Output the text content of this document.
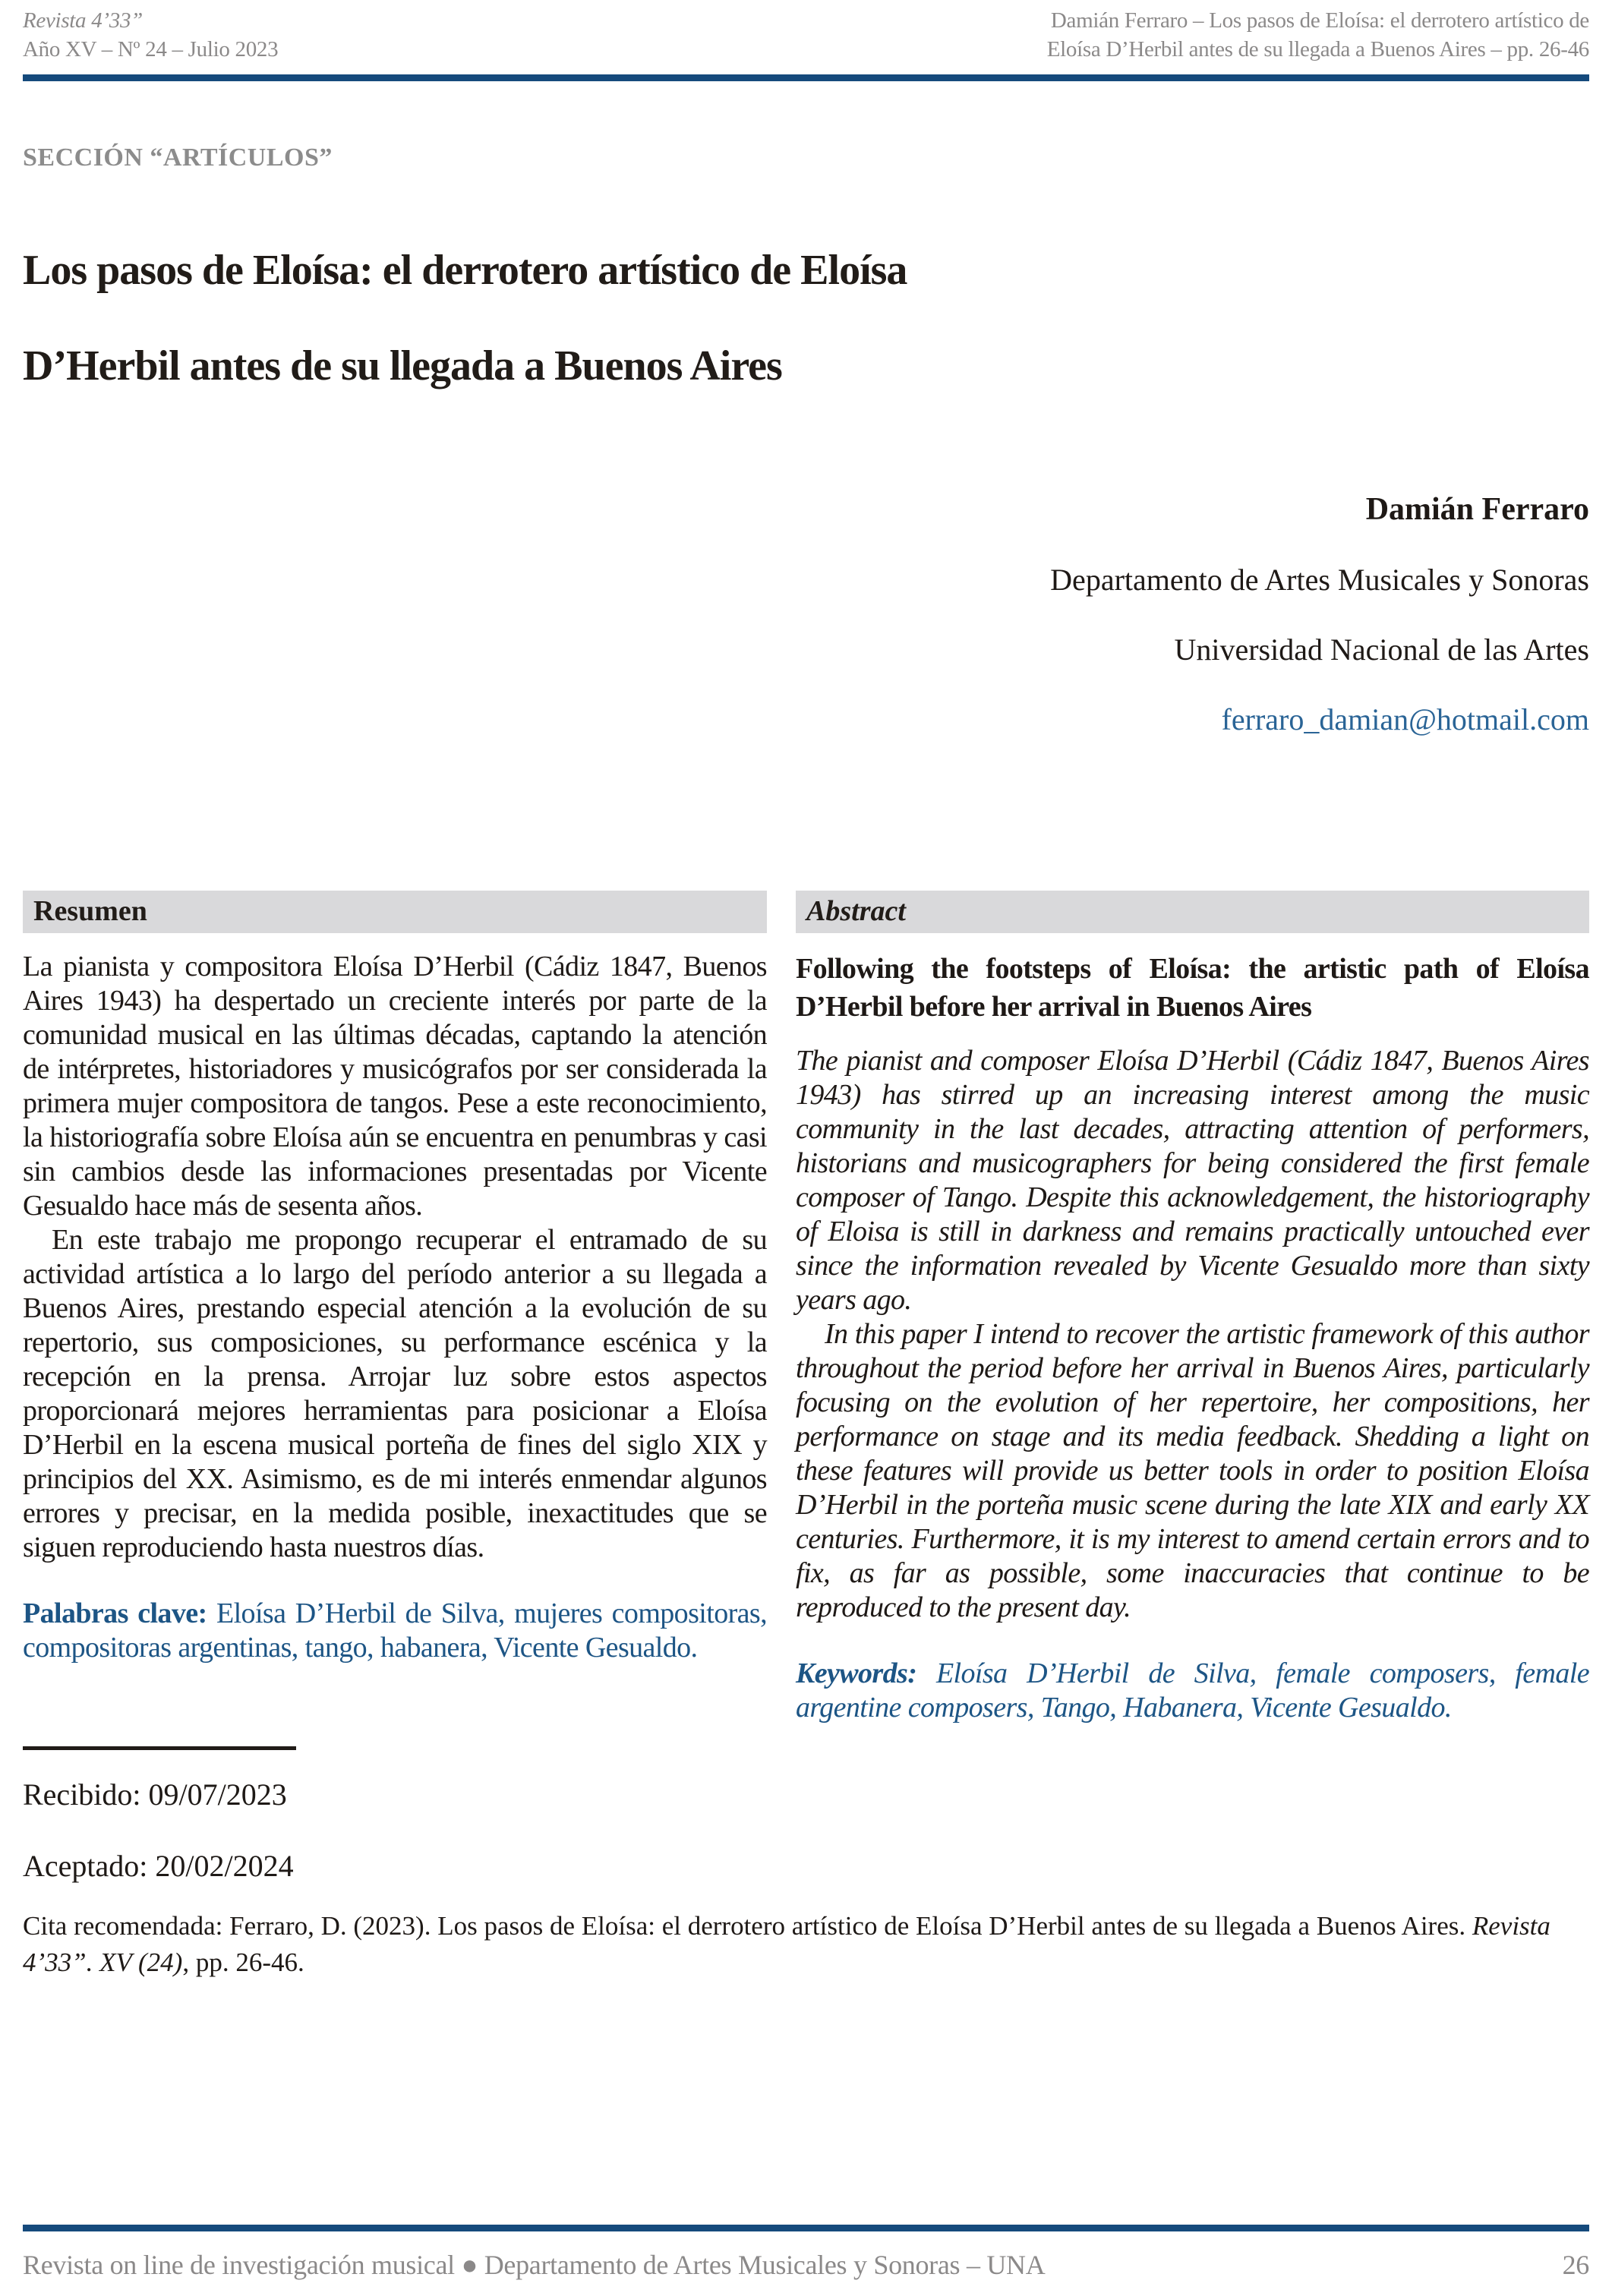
Revista 4’33”
Año XV – Nº 24 – Julio 2023
Damián Ferraro – Los pasos de Eloísa: el derrotero artístico de
Eloísa D’Herbil antes de su llegada a Buenos Aires – pp. 26-46
SECCIÓN “ARTÍCULOS”
Los pasos de Eloísa: el derrotero artístico de Eloísa
D’Herbil antes de su llegada a Buenos Aires
Damián Ferraro
Departamento de Artes Musicales y Sonoras
Universidad Nacional de las Artes
ferraro_damian@hotmail.com
Resumen

La pianista y compositora Eloísa D’Herbil (Cádiz 1847, Buenos Aires 1943) ha despertado un creciente interés por parte de la comunidad musical en las últimas décadas, captando la atención de intérpretes, historiadores y musicógrafos por ser considerada la primera mujer compositora de tangos. Pese a este reconocimiento, la historiografía sobre Eloísa aún se encuentra en penumbras y casi sin cambios desde las informaciones presentadas por Vicente Gesualdo hace más de sesenta años.

En este trabajo me propongo recuperar el entramado de su actividad artística a lo largo del período anterior a su llegada a Buenos Aires, prestando especial atención a la evolución de su repertorio, sus composiciones, su performance escénica y la recepción en la prensa. Arrojar luz sobre estos aspectos proporcionará mejores herramientas para posicionar a Eloísa D’Herbil en la escena musical porteña de fines del siglo XIX y principios del XX. Asimismo, es de mi interés enmendar algunos errores y precisar, en la medida posible, inexactitudes que se siguen reproduciendo hasta nuestros días.

Palabras clave: Eloísa D’Herbil de Silva, mujeres compositoras, compositoras argentinas, tango, habanera, Vicente Gesualdo.

Abstract

Following the footsteps of Eloísa: the artistic path of Eloísa D’Herbil before her arrival in Buenos Aires

The pianist and composer Eloísa D’Herbil (Cádiz 1847, Buenos Aires 1943) has stirred up an increasing interest among the music community in the last decades, attracting attention of performers, historians and musicographers for being considered the first female composer of Tango. Despite this acknowledgement, the historiography of Eloisa is still in darkness and remains practically untouched ever since the information revealed by Vicente Gesualdo more than sixty years ago.

In this paper I intend to recover the artistic framework of this author throughout the period before her arrival in Buenos Aires, particularly focusing on the evolution of her repertoire, her compositions, her performance on stage and its media feedback. Shedding a light on these features will provide us better tools in order to position Eloísa D’Herbil in the porteña music scene during the late XIX and early XX centuries. Furthermore, it is my interest to amend certain errors and to fix, as far as possible, some inaccuracies that continue to be reproduced to the present day.

Keywords: Eloísa D’Herbil de Silva, female composers, female argentine composers, Tango, Habanera, Vicente Gesualdo.

Recibido: 09/07/2023
Aceptado: 20/02/2024
Cita recomendada: Ferraro, D. (2023). Los pasos de Eloísa: el derrotero artístico de Eloísa D’Herbil antes de su llegada a Buenos Aires. Revista 4’33”. XV (24), pp. 26-46.
Revista on line de investigación musical ● Departamento de Artes Musicales y Sonoras – UNA	26
